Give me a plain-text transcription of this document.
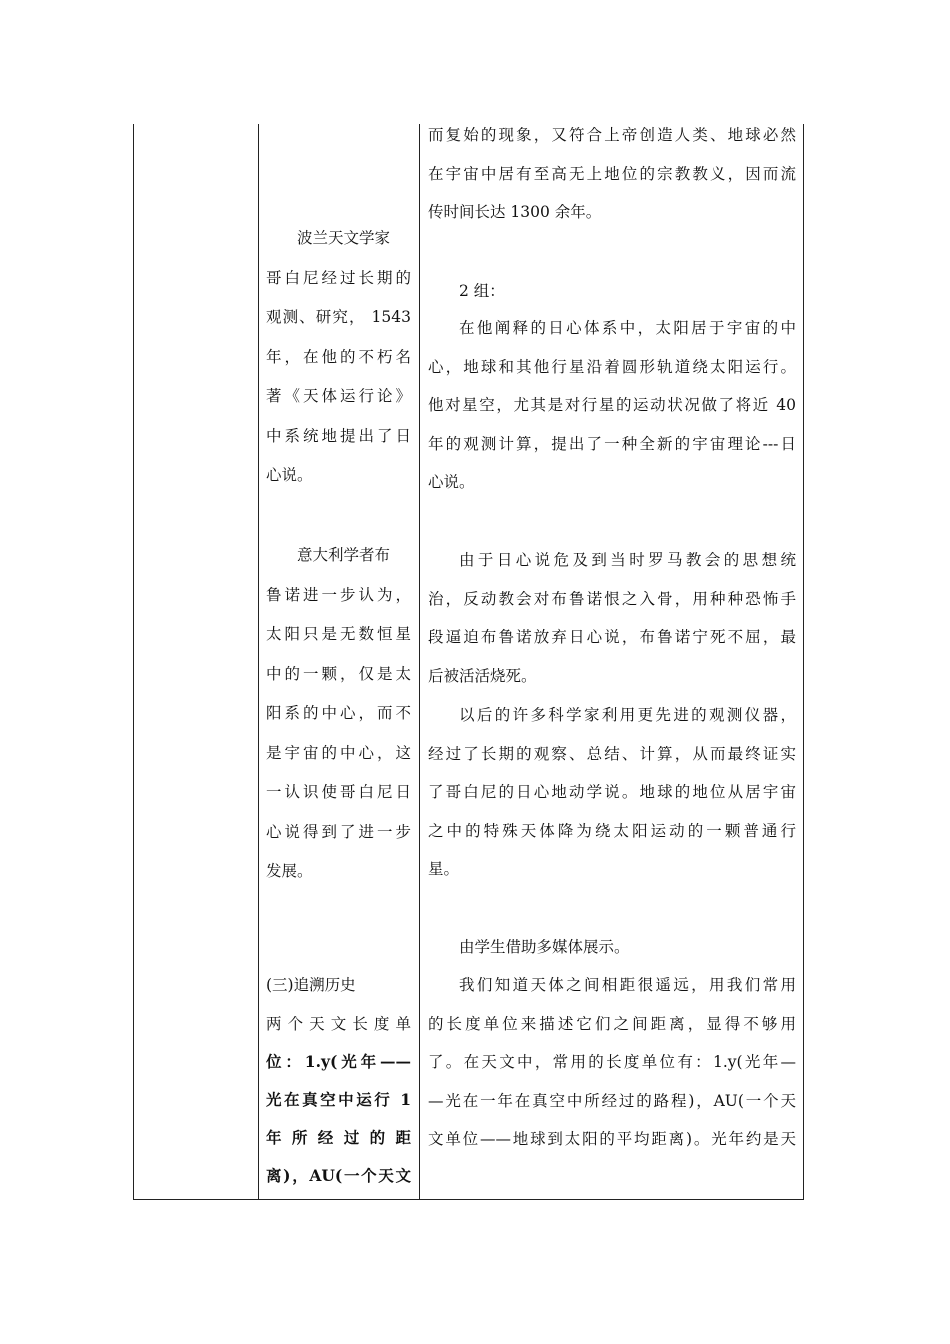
波兰天文学家

哥白尼经过长期的

观测、研究， 1543

年，在他的不朽名

著《天体运行论》

中系统地提出了日

心说。

意大利学者布

鲁诺进一步认为，

太阳只是无数恒星

中的一颗，仅是太

阳系的中心，而不

是宇宙的中心，这

一认识使哥白尼日

心说得到了进一步

发展。

(三)追溯历史

两个天文长度单

位：1.y(光年——

光在真空中运行 1

年所经过的距

离)，AU(一个天文

而复始的现象，又符合上帝创造人类、地球必然

在宇宙中居有至高无上地位的宗教教义，因而流

传时间长达 1300 余年。

2 组：

在他阐释的日心体系中，太阳居于宇宙的中

心，地球和其他行星沿着圆形轨道绕太阳运行。

他对星空，尤其是对行星的运动状况做了将近 40

年的观测计算，提出了一种全新的宇宙理论---日

心说。

由于日心说危及到当时罗马教会的思想统

治，反动教会对布鲁诺恨之入骨，用种种恐怖手

段逼迫布鲁诺放弃日心说，布鲁诺宁死不屈，最

后被活活烧死。

以后的许多科学家利用更先进的观测仪器，

经过了长期的观察、总结、计算，从而最终证实

了哥白尼的日心地动学说。地球的地位从居宇宙

之中的特殊天体降为绕太阳运动的一颗普通行

星。

由学生借助多媒体展示。

我们知道天体之间相距很遥远，用我们常用

的长度单位来描述它们之间距离，显得不够用

了。在天文中，常用的长度单位有：1.y(光年—

—光在一年在真空中所经过的路程)，AU(一个天

文单位——地球到太阳的平均距离)。光年约是天
